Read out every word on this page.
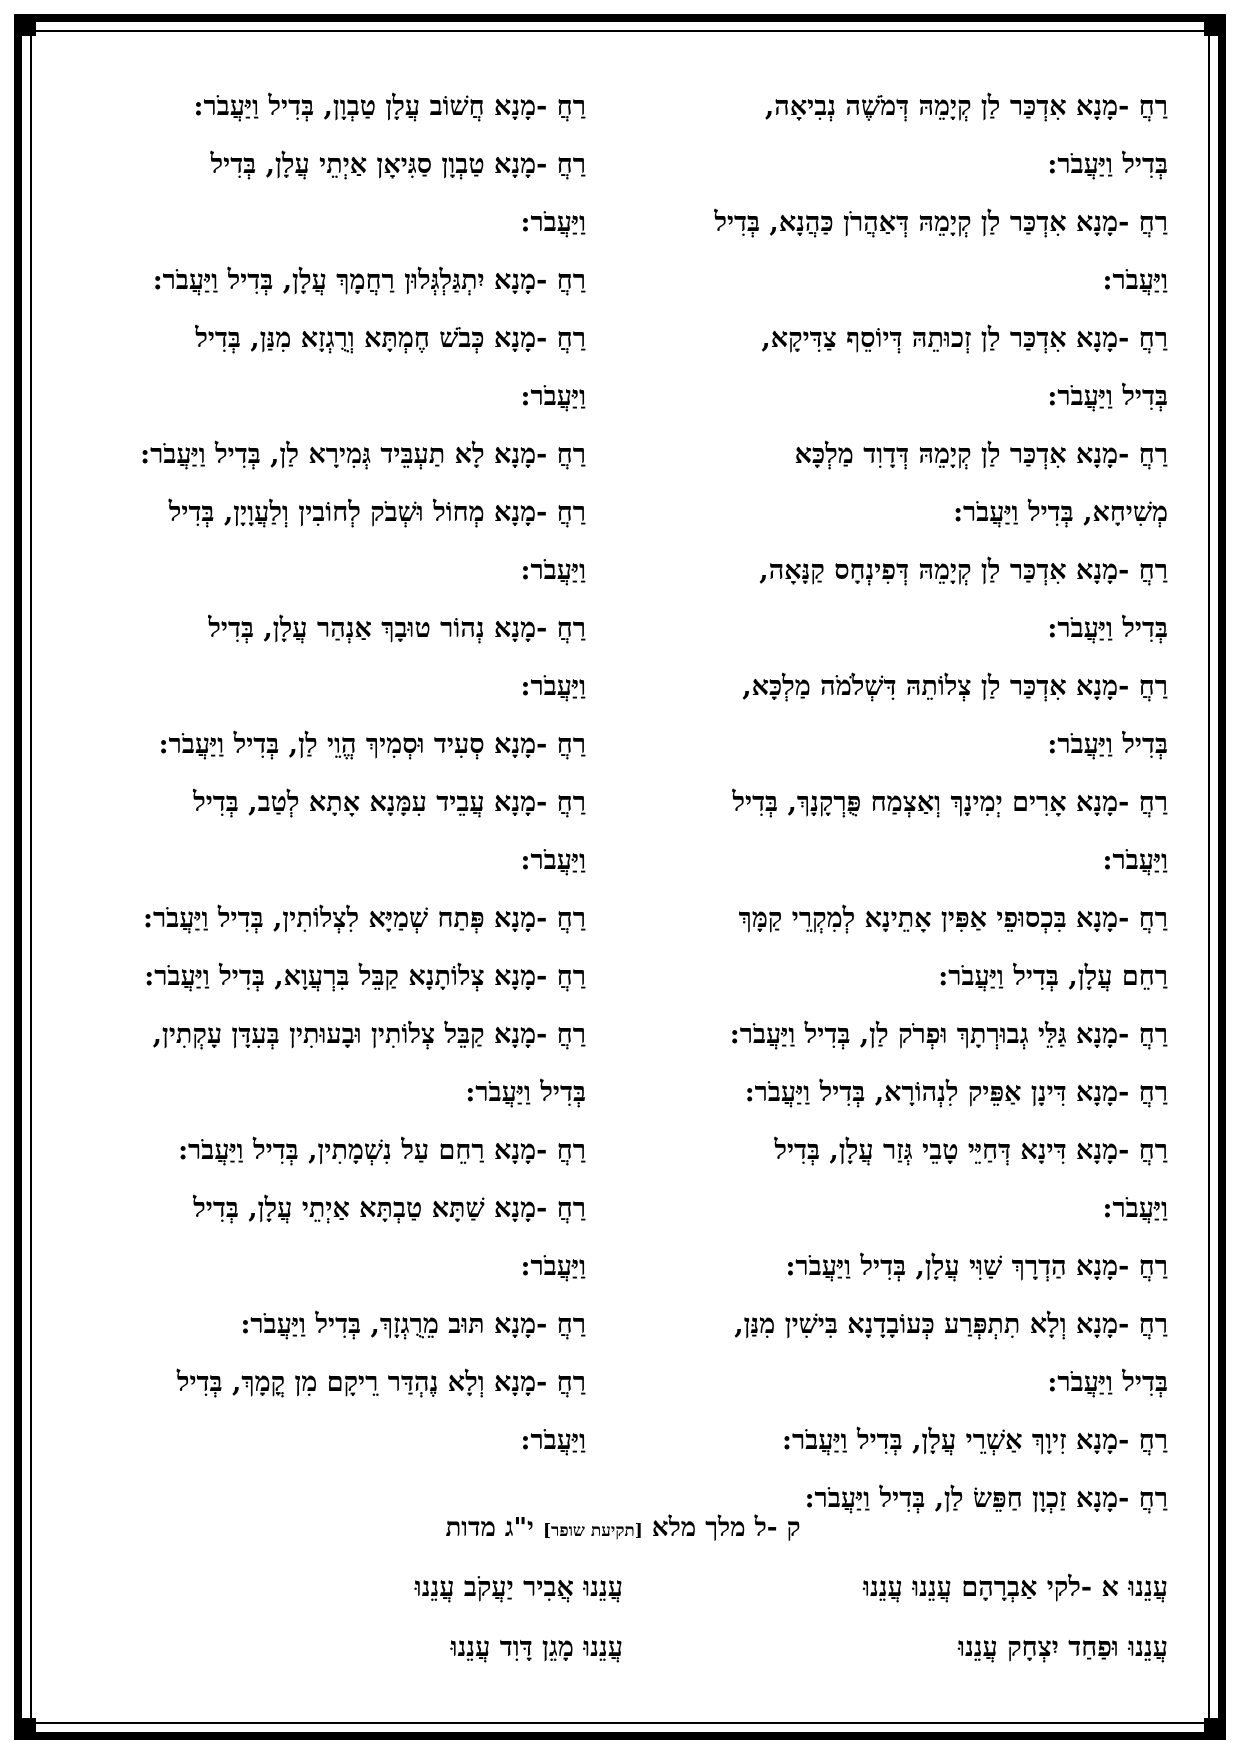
רַחֲ -מָנָא אִדְכַּר לַן קְיָמֵהּ דְּמֹשֶׁה נְבִיאָה,
בְּדִיל וַיַּעֲבֹר:
רַחֲ -מָנָא אִדְכַּר לַן קְיָמֵהּ דְּאַהֲרֹן כַּהֲנָא, בְּדִיל
וַיַּעֲבֹר:
רַחֲ -מָנָא אִדְכַּר לַן זְכוּתֵהּ דְּיוֹסֵף צַדִּיקָא,
בְּדִיל וַיַּעֲבֹר:
רַחֲ -מָנָא אִדְכַּר לַן קְיָמֵהּ דְּדָוִד מַלְכָּא
מְשִׁיחָא, בְּדִיל וַיַּעֲבֹר:
רַחֲ -מָנָא אִדְכַּר לַן קְיָמֵהּ דְּפִינְחָס קַנָּאָה,
בְּדִיל וַיַּעֲבֹר:
רַחֲ -מָנָא אִדְכַּר לַן צְלוֹתֵהּ דִּשְׁלֹמֹה מַלְכָּא,
בְּדִיל וַיַּעֲבֹר:
רַחֲ -מָנָא אָרִים יְמִינָךְ וְאַצְמַח פֻּרְקָנָךְ, בְּדִיל
וַיַּעֲבֹר:
רַחֲ -מָנָא בִּכְסוּפֵי אַפִּין אָתֵינָא לְמִקְרֵי קַמָּךְ
רַחֵם עֲלָן, בְּדִיל וַיַּעֲבֹר:
רַחֲ -מָנָא גַּלֵּי גְבוּרְתָךְ וּפְרֹק לַן, בְּדִיל וַיַּעֲבֹר:
רַחֲ -מָנָא דִּינָן אַפֵּיק לִנְהוֹרָא, בְּדִיל וַיַּעֲבֹר:
רַחֲ -מָנָא דִּינָא דְּחַיֵּי טָבֵי גְּזַר עֲלָן, בְּדִיל
וַיַּעֲבֹר:
רַחֲ -מָנָא הַדְרָךְ שַׁוִּי עֲלָן, בְּדִיל וַיַּעֲבֹר:
רַחֲ -מָנָא וְלָא תִתְפְּרַע כְּעוֹבָדָנָא בִּישִׁין מִנַּן,
בְּדִיל וַיַּעֲבֹר:
רַחֲ -מָנָא זִיוָךְ אַשְׁרֵי עֲלָן, בְּדִיל וַיַּעֲבֹר:
רַחֲ -מָנָא זַכְוָן חַפֵּשׂ לַן, בְּדִיל וַיַּעֲבֹר:
רַחֲ -מָנָא חֲשׁוֹב עֲלָן טַבְוָן, בְּדִיל וַיַּעֲבֹר:
רַחֲ -מָנָא טַבְוָן סַגִּיאָן אַיְתֵי עֲלָן, בְּדִיל
וַיַּעֲבֹר:
רַחֲ -מָנָא יִתְגַּלְגְּלוּן רַחֲמָךְ עֲלָן, בְּדִיל וַיַּעֲבֹר:
רַחֲ -מָנָא כְּבֹשׁ חֶמְתָּא וְרֻגְזָא מִנַּן, בְּדִיל
וַיַּעֲבֹר:
רַחֲ -מָנָא לָא תַעְבֵּיד גְּמִירָא לַן, בְּדִיל וַיַּעֲבֹר:
רַחֲ -מָנָא מְחוֹל וּשְׁבֹק לְחוֹבִין וְלַעֲוָיָן, בְּדִיל
וַיַּעֲבֹר:
רַחֲ -מָנָא נְהוֹר טוּבָךְ אַנְהַר עֲלָן, בְּדִיל
וַיַּעֲבֹר:
רַחֲ -מָנָא סְעִיד וּסְמִיךְ הֱוֵי לַן, בְּדִיל וַיַּעֲבֹר:
רַחֲ -מָנָא עֲבֵיד עִמָּנָא אָתָא לְטַב, בְּדִיל
וַיַּעֲבֹר:
רַחֲ -מָנָא פְּתַח שְׁמַיָּא לִצְלוֹתִין, בְּדִיל וַיַּעֲבֹר:
רַחֲ -מָנָא צְלוֹתָנָא קַבֵּל בִּרְעֲוָא, בְּדִיל וַיַּעֲבֹר:
רַחֲ -מָנָא קַבֵּל צְלוֹתִין וּבָעוּתִין בְּעִדָּן עָקְתִין,
בְּדִיל וַיַּעֲבֹר:
רַחֲ -מָנָא רַחֵם עַל נִשְׁמָתִין, בְּדִיל וַיַּעֲבֹר:
רַחֲ -מָנָא שַׁתָּא טַבְתָּא אַיְתֵי עֲלָן, בְּדִיל
וַיַּעֲבֹר:
רַחֲ -מָנָא תּוּב מֵרֻגְזָךְ, בְּדִיל וַיַּעֲבֹר:
רַחֲ -מָנָא וְלָא נֶהְדַּר רֵיקָם מִן קֳמָךְ, בְּדִיל
וַיַּעֲבֹר:
ק -ל מלך מלא [תקיעת שופר] י"ג מדות
עֲנֵנוּ א -לקי אַבְרָהָם עֲנֵנוּ עֲנֵנוּ
עֲנֵנוּ אֲבִיר יַעֲקֹב עֲנֵנוּ
עֲנֵנוּ וּפַחַד יִצְחָק עֲנֵנוּ
עֲנֵנוּ מָגֵן דָּוִד עֲנֵנוּ
